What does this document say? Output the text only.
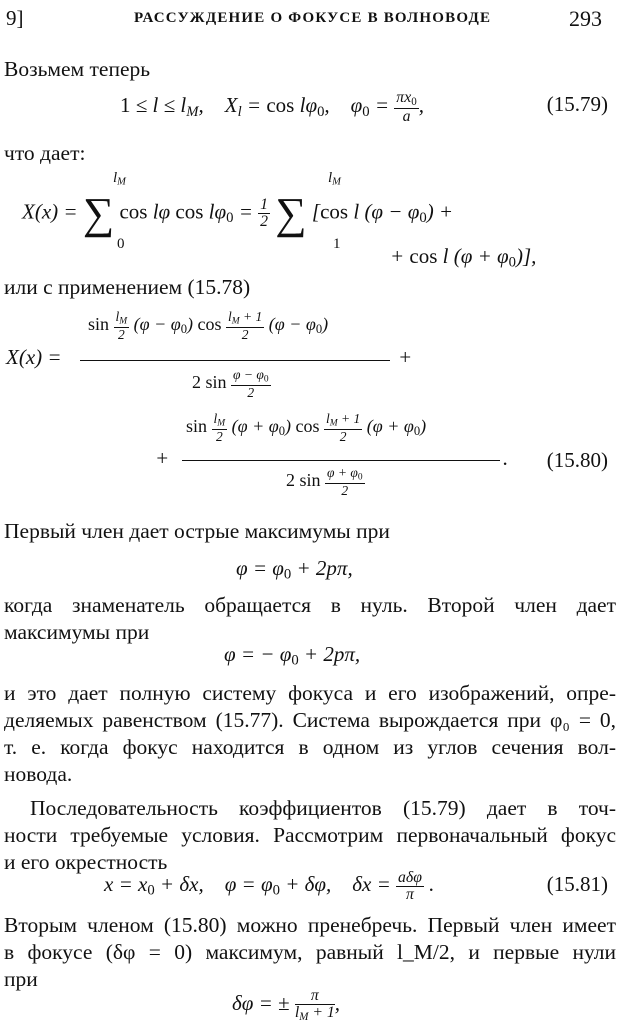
9]	РАССУЖДЕНИЕ О ФОКУСЕ В ВОЛНОВОДЕ	293
Возьмем теперь
1 ≤ l ≤ lM,    $Xl = \cos l\varphi_0$,    $\varphi_0 = \frac{\pi x_0}{a}$ ,	(15.79)
что дает:
X(x) = ∑ cos lφ $\cos l\varphi_0 = \frac{1}{2}$ ∑ [cos l $(\varphi - \varphi_0)$ +
lM
0
lM
1 + cos l $(\varphi + \varphi_0)$],
или с применением (15.78)
X(x) =
$\sin \frac{lM}{2} (\varphi - \varphi_0)$ $\cos \frac{lM + 1}{2} (\varphi - \varphi_0)$
2 $\sin \frac{\varphi - \varphi_0}{2}$
+
$\sin \frac{lM}{2} (\varphi + \varphi_0)$ $\cos \frac{lM + 1}{2} (\varphi + \varphi_0)$
+
2 $\sin \frac{\varphi + \varphi_0}{2}$
. (15.80)
Первый член дает острые максимумы при
$\varphi = \varphi_0 + 2p\pi$,
когда знаменатель обращается в нуль. Второй член дает
максимумы при
φ = − $\varphi_0 + 2p\pi$,
и это дает полную систему фокуса и его изображений, опре-
деляемых равенством (15.77). Система вырождается при φ₀ = 0,
т. е. когда фокус находится в одном из углов сечения вол-
новода.
Последовательность коэффициентов (15.79) дает в точ-
ности требуемые условия. Рассмотрим первоначальный фокус
и его окрестность
$x = x_0 + \delta x$,    $\varphi = \varphi_0 + \delta\varphi$,    $\delta x = \frac{\text{aδφ}}{\pi}$ .	(15.81)
Вторым членом (15.80) можно пренебречь. Первый член имеет
в фокусе (δφ = 0) максимум, равный l_M/2, и первые нули
при
δφ = ± $\frac{\pi}{lM + 1}$ ,
